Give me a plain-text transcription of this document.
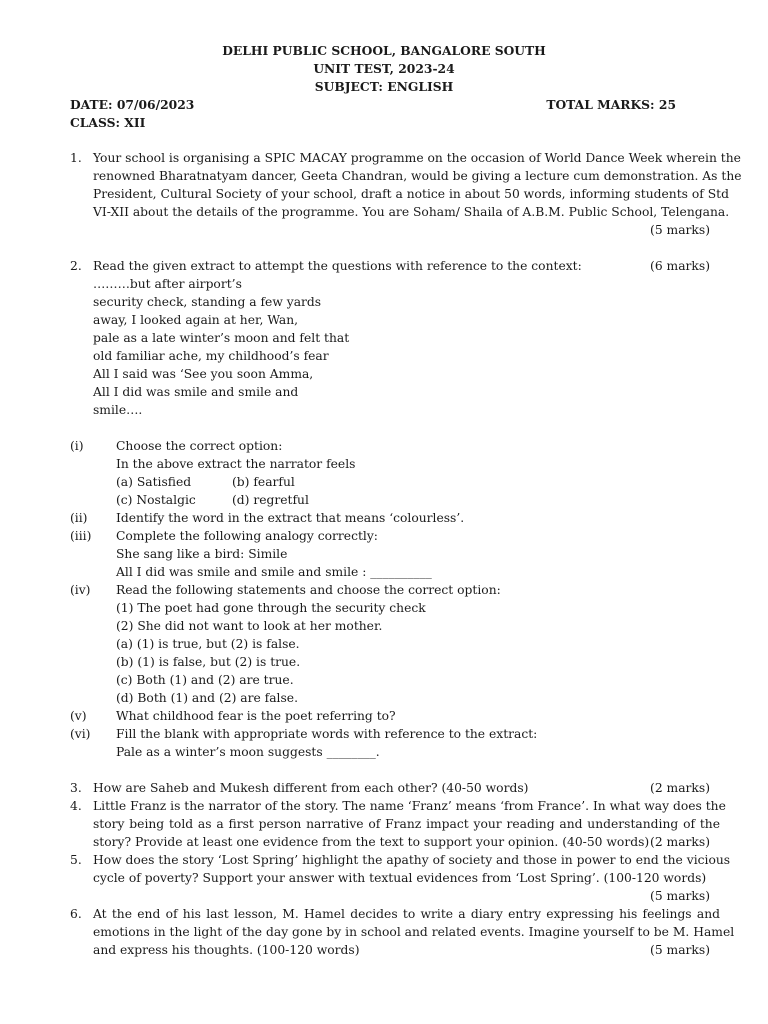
DELHI PUBLIC SCHOOL, BANGALORE SOUTH
UNIT TEST, 2023-24
SUBJECT: ENGLISH
DATE: 07/06/2023	TOTAL MARKS: 25
CLASS: XII
1. Your school is organising a SPIC MACAY programme on the occasion of World Dance Week wherein the
renowned Bharatnatyam dancer, Geeta Chandran, would be giving a lecture cum demonstration. As the
President, Cultural Society of your school, draft a notice in about 50 words, informing students of Std
VI-XII about the details of the programme. You are Soham/ Shaila of A.B.M. Public School, Telengana.
(5 marks)
2. Read the given extract to attempt the questions with reference to the context:	(6 marks)
………but after airport’s
security check, standing a few yards
away, I looked again at her, Wan,
pale as a late winter’s moon and felt that
old familiar ache, my childhood’s fear
All I said was ‘See you soon Amma,
All I did was smile and smile and
smile….
(i)	Choose the correct option:
In the above extract the narrator feels
(a) Satisfied	(b) fearful
(c) Nostalgic	(d) regretful
(ii) Identify the word in the extract that means ‘colourless’.
(iii) Complete the following analogy correctly:
She sang like a bird: Simile
All I did was smile and smile and smile : __________
(iv) Read the following statements and choose the correct option:
(1) The poet had gone through the security check
(2) She did not want to look at her mother.
(a) (1) is true, but (2) is false.
(b) (1) is false, but (2) is true.
(c) Both (1) and (2) are true.
(d) Both (1) and (2) are false.
(v) What childhood fear is the poet referring to?
(vi) Fill the blank with appropriate words with reference to the extract:
Pale as a winter’s moon suggests ________.
3. How are Saheb and Mukesh different from each other? (40-50 words)	(2 marks)
4. Little Franz is the narrator of the story. The name ‘Franz’ means ‘from France’. In what way does the
story being told as a first person narrative of Franz impact your reading and understanding of the
story? Provide at least one evidence from the text to support your opinion. (40-50 words) (2 marks)
5. How does the story ‘Lost Spring’ highlight the apathy of society and those in power to end the vicious
cycle of poverty? Support your answer with textual evidences from ‘Lost Spring’. (100-120 words)
(5 marks)
6. At the end of his last lesson, M. Hamel decides to write a diary entry expressing his feelings and
emotions in the light of the day gone by in school and related events. Imagine yourself to be M. Hamel
and express his thoughts. (100-120 words)	(5 marks)
